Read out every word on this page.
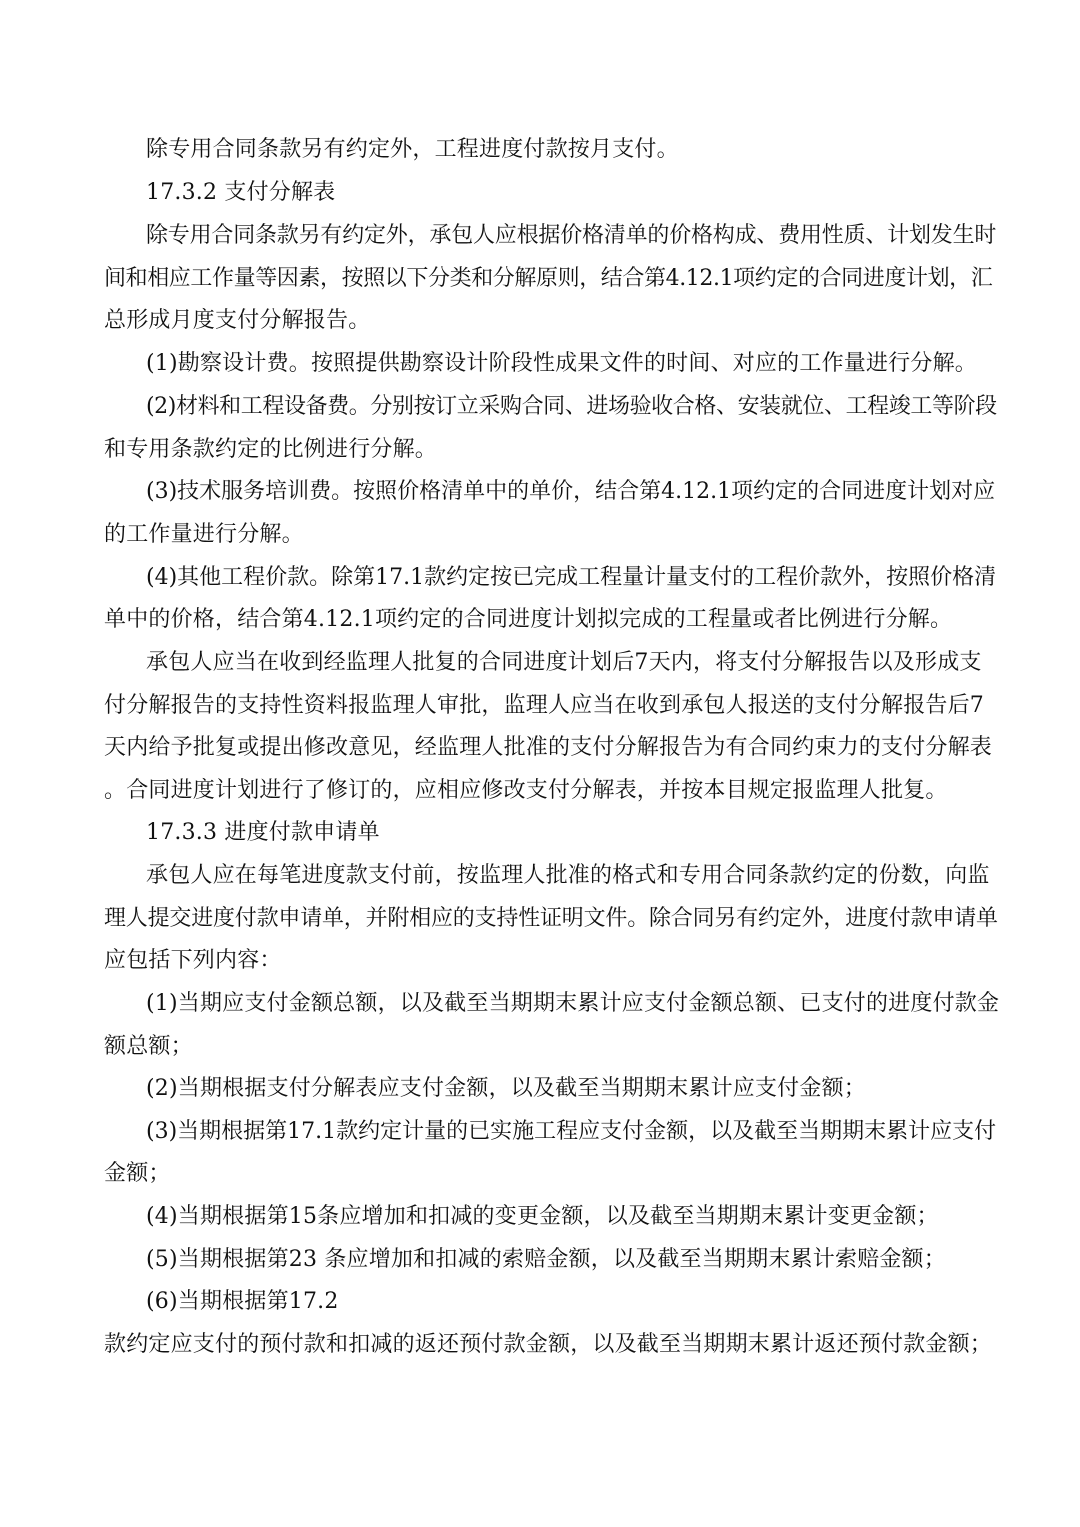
除专用合同条款另有约定外，工程进度付款按月支付。
17.3.2 支付分解表
除专用合同条款另有约定外，承包人应根据价格清单的价格构成、费用性质、计划发生时
间和相应工作量等因素，按照以下分类和分解原则，结合第4.12.1项约定的合同进度计划，汇
总形成月度支付分解报告。
(1)勘察设计费。按照提供勘察设计阶段性成果文件的时间、对应的工作量进行分解。
(2)材料和工程设备费。分别按订立采购合同、进场验收合格、安装就位、工程竣工等阶段
和专用条款约定的比例进行分解。
(3)技术服务培训费。按照价格清单中的单价，结合第4.12.1项约定的合同进度计划对应
的工作量进行分解。
(4)其他工程价款。除第17.1款约定按已完成工程量计量支付的工程价款外，按照价格清
单中的价格，结合第4.12.1项约定的合同进度计划拟完成的工程量或者比例进行分解。
承包人应当在收到经监理人批复的合同进度计划后7天内，将支付分解报告以及形成支
付分解报告的支持性资料报监理人审批，监理人应当在收到承包人报送的支付分解报告后7
天内给予批复或提出修改意见，经监理人批准的支付分解报告为有合同约束力的支付分解表
。合同进度计划进行了修订的，应相应修改支付分解表，并按本目规定报监理人批复。
17.3.3 进度付款申请单
承包人应在每笔进度款支付前，按监理人批准的格式和专用合同条款约定的份数，向监
理人提交进度付款申请单，并附相应的支持性证明文件。除合同另有约定外，进度付款申请单
应包括下列内容：
(1)当期应支付金额总额，以及截至当期期末累计应支付金额总额、已支付的进度付款金
额总额；
(2)当期根据支付分解表应支付金额，以及截至当期期末累计应支付金额；
(3)当期根据第17.1款约定计量的已实施工程应支付金额，以及截至当期期末累计应支付
金额；
(4)当期根据第15条应增加和扣减的变更金额，以及截至当期期末累计变更金额；
(5)当期根据第23 条应增加和扣减的索赔金额，以及截至当期期末累计索赔金额；
(6)当期根据第17.2
款约定应支付的预付款和扣减的返还预付款金额，以及截至当期期末累计返还预付款金额；
